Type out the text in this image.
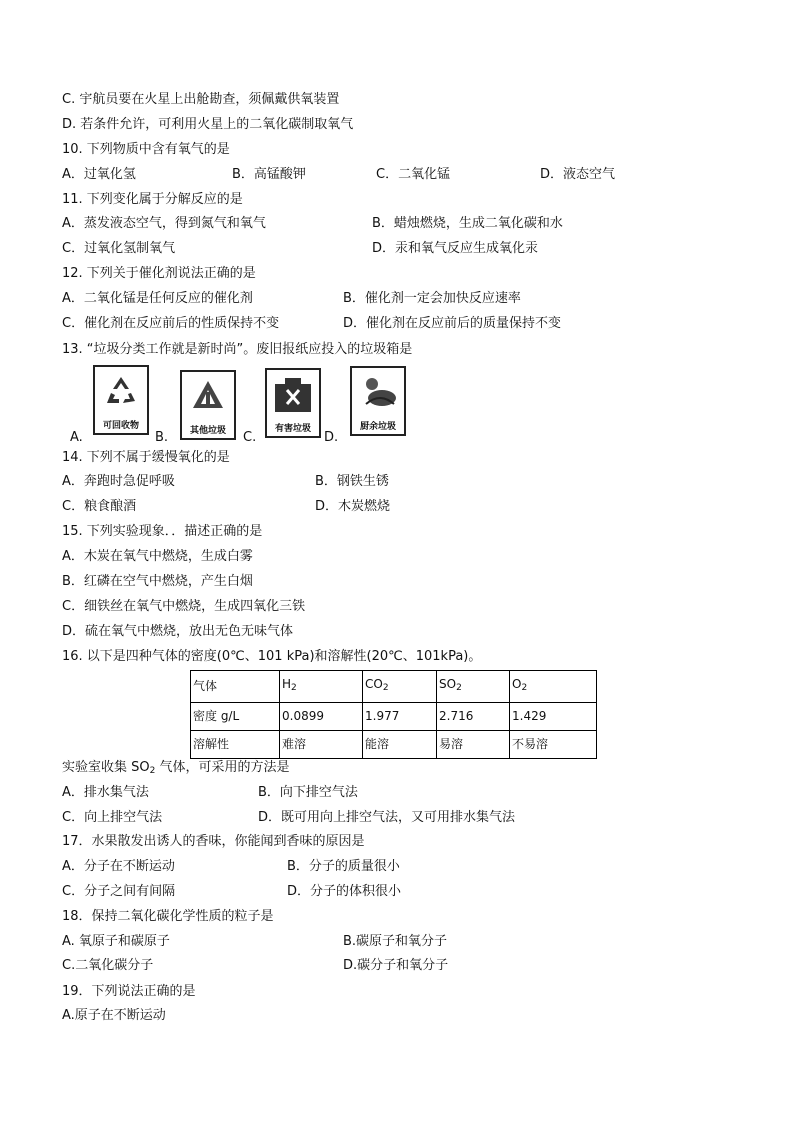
C. 宇航员要在火星上出舱勘查，须佩戴供氧装置
D. 若条件允许，可利用火星上的二氧化碳制取氧气
10. 下列物质中含有氧气的是
A．过氧化氢	B．高锰酸钾	C．二氧化锰	D．液态空气
11. 下列变化属于分解反应的是
A．蒸发液态空气，得到氮气和氧气	B．蜡烛燃烧，生成二氧化碳和水
C．过氧化氢制氧气	D．汞和氧气反应生成氧化汞
12. 下列关于催化剂说法正确的是
A．二氧化锰是任何反应的催化剂	B．催化剂一定会加快反应速率
C．催化剂在反应前后的性质保持不变	D．催化剂在反应前后的质量保持不变
13. “垃圾分类工作就是新时尚”。废旧报纸应投入的垃圾箱是
A.
可回收物
B.	其他垃圾	C.
有害垃圾
D.
厨余垃圾
14. 下列不属于缓慢氧化的是
A．奔跑时急促呼吸	B．钢铁生锈
C．粮食酿酒	D．木炭燃烧
15. 下列实验现象．．描述正确的是
A．木炭在氧气中燃烧，生成白雾
B．红磷在空气中燃烧，产生白烟
C．细铁丝在氧气中燃烧，生成四氧化三铁
D．硫在氧气中燃烧，放出无色无味气体
16. 以下是四种气体的密度(0℃、101 kPa)和溶解性(20℃、101kPa)。
气体	$H_2$	$CO_2$	$SO_2$	$O_2$
密度 g/L	0.0899	1.977	2.716	1.429
溶解性	难溶	能溶	易溶	不易溶
实验室收集 $SO_2$ 气体，可采用的方法是
A．排水集气法	B．向下排空气法
C．向上排空气法	D．既可用向上排空气法，又可用排水集气法
17．水果散发出诱人的香味，你能闻到香味的原因是
A．分子在不断运动	B．分子的质量很小
C．分子之间有间隔	D．分子的体积很小
18．保持二氧化碳化学性质的粒子是
A. 氧原子和碳原子	B.碳原子和氧分子
C.二氧化碳分子	D.碳分子和氧分子
19．下列说法正确的是
A.原子在不断运动
